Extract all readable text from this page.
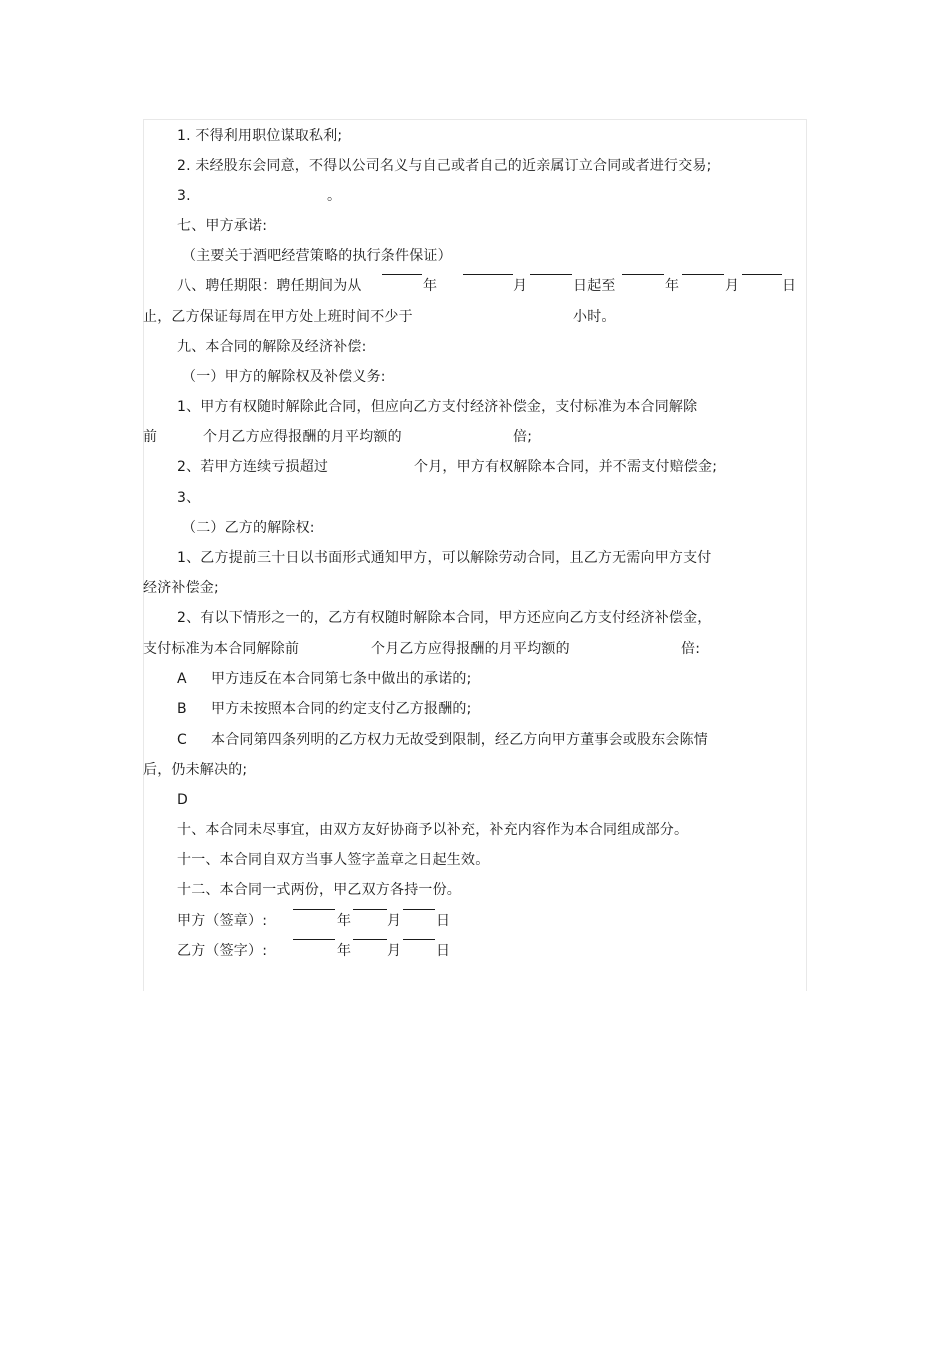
1. 不得利用职位谋取私利;
2. 未经股东会同意，不得以公司名义与自己或者自己的近亲属订立合同或者进行交易;
3.	。
七、甲方承诺:
（主要关于酒吧经营策略的执行条件保证）
八、聘任期限：聘任期间为从	年	月	日起至	年	月	日
止，乙方保证每周在甲方处上班时间不少于	小时。
九、本合同的解除及经济补偿:
（一）甲方的解除权及补偿义务:
1、甲方有权随时解除此合同，但应向乙方支付经济补偿金，支付标准为本合同解除
前	个月乙方应得报酬的月平均额的	倍;
2、若甲方连续亏损超过	个月，甲方有权解除本合同，并不需支付赔偿金;
3、
（二）乙方的解除权:
1、乙方提前三十日以书面形式通知甲方，可以解除劳动合同，且乙方无需向甲方支付
经济补偿金;
2、有以下情形之一的，乙方有权随时解除本合同，甲方还应向乙方支付经济补偿金，
支付标准为本合同解除前	个月乙方应得报酬的月平均额的	倍:
A 甲方违反在本合同第七条中做出的承诺的;
B 甲方未按照本合同的约定支付乙方报酬的;
C 本合同第四条列明的乙方权力无故受到限制，经乙方向甲方董事会或股东会陈情
后，仍未解决的;
D
十、本合同未尽事宜，由双方友好协商予以补充，补充内容作为本合同组成部分。
十一、本合同自双方当事人签字盖章之日起生效。
十二、本合同一式两份，甲乙双方各持一份。
甲方（签章）:	年	月 日
乙方（签字）:	年	月 日
